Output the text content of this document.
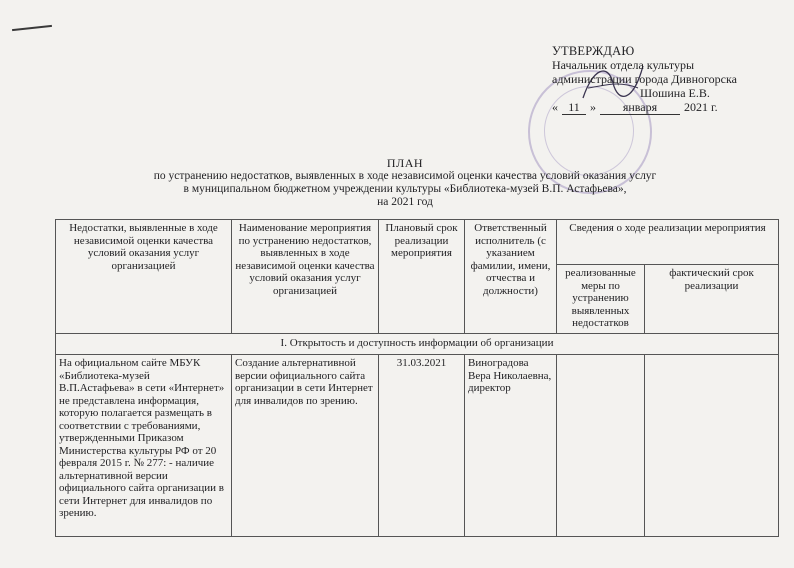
УТВЕРЖДАЮ
Начальник отдела культуры
администрации города Дивногорска
Шошина Е.В.
« 11 »	января	2021 г.
ПЛАН
по устранению недостатков, выявленных в ходе независимой оценки качества условий оказания услуг
в муниципальном бюджетном учреждении культуры «Библиотека-музей В.П. Астафьева»,
на 2021 год
Недостатки, выявленные в ходе независимой оценки качества условий оказания услуг организацией	Наименование мероприятия по устранению недостатков, выявленных в ходе независимой оценки качества условий оказания услуг организацией	Плановый срок реализации мероприятия	Ответственный исполнитель (с указанием фамилии, имени, отчества и должности)	Сведения о ходе реализации мероприятия	
				реализованные меры по устранению выявленных недостатков	фактический срок реализации
I. Открытость и доступность информации об организации					
На официальном сайте МБУК «Библиотека-музей В.П.Астафьева» в сети «Интернет» не представлена информация, которую полагается размещать в соответствии с требованиями, утвержденными Приказом Министерства культуры РФ от 20 февраля 2015 г. № 277: - наличие альтернативной версии официального сайта организации в сети Интернет для инвалидов по зрению.	Создание альтернативной версии официального сайта организации в сети Интернет для инвалидов по зрению.	31.03.2021	Виноградова Вера Николаевна, директор		
